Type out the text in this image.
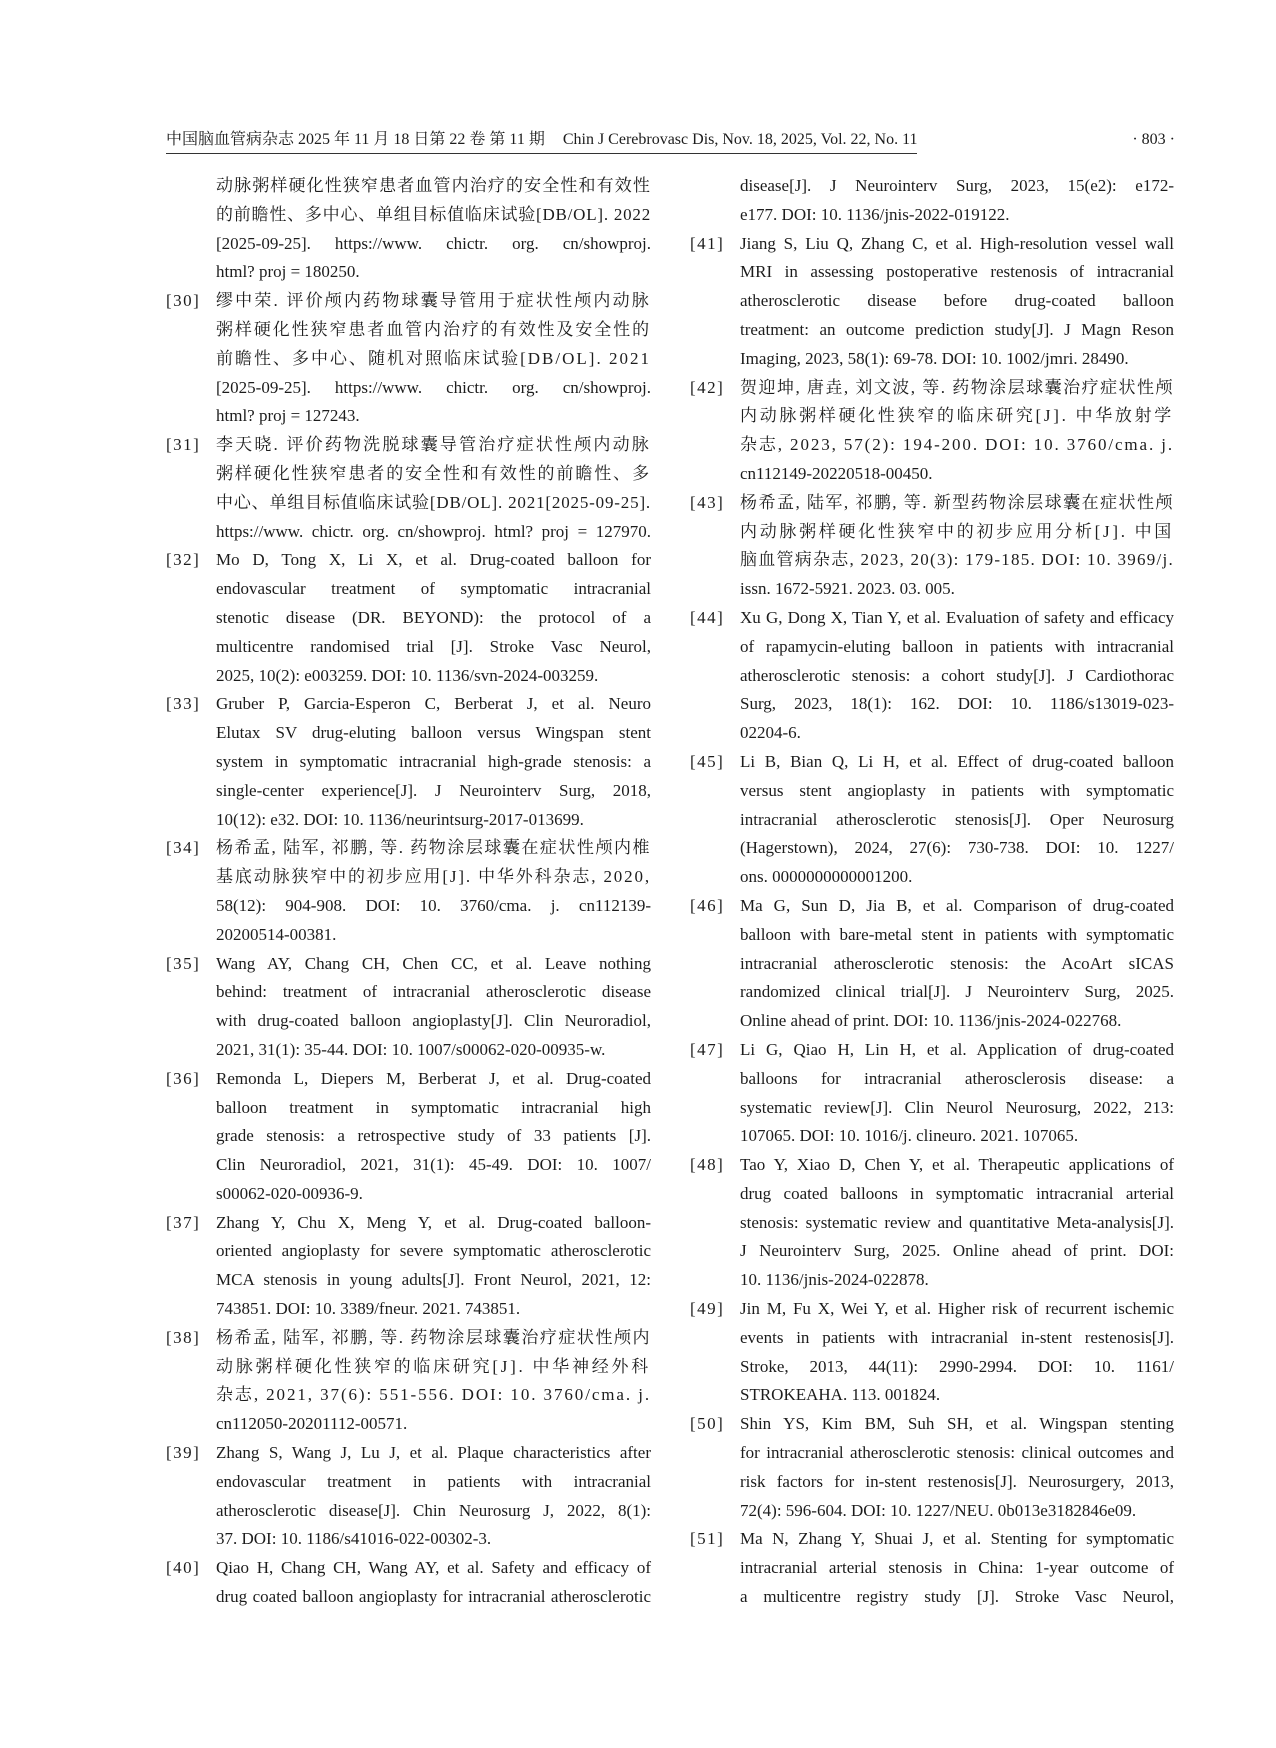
中国脑血管病杂志 2025 年 11 月 18 日第 22 卷 第 11 期 Chin J Cerebrovasc Dis, Nov. 18, 2025, Vol. 22, No. 11	· 803 ·
动脉粥样硬化性狭窄患者血管内治疗的安全性和有效性
的前瞻性、多中心、单组目标值临床试验[DB/OL]. 2022
[2025-09-25]. https://www. chictr. org. cn/showproj.
html? proj = 180250.
[30] 缪中荣. 评价颅内药物球囊导管用于症状性颅内动脉
粥样硬化性狭窄患者血管内治疗的有效性及安全性的
前瞻性、多中心、随机对照临床试验[DB/OL]. 2021
[2025-09-25]. https://www. chictr. org. cn/showproj.
html? proj = 127243.
[31] 李天晓. 评价药物洗脱球囊导管治疗症状性颅内动脉
粥样硬化性狭窄患者的安全性和有效性的前瞻性、多
中心、单组目标值临床试验[DB/OL]. 2021[2025-09-25].
https://www. chictr. org. cn/showproj. html? proj = 127970.
[32] Mo D, Tong X, Li X, et al. Drug-coated balloon for
endovascular treatment of symptomatic intracranial
stenotic disease (DR. BEYOND): the protocol of a
multicentre randomised trial [J]. Stroke Vasc Neurol,
2025, 10(2): e003259. DOI: 10. 1136/svn-2024-003259.
[33] Gruber P, Garcia-Esperon C, Berberat J, et al. Neuro
Elutax SV drug-eluting balloon versus Wingspan stent
system in symptomatic intracranial high-grade stenosis: a
single-center experience[J]. J Neurointerv Surg, 2018,
10(12): e32. DOI: 10. 1136/neurintsurg-2017-013699.
[34] 杨希孟, 陆军, 祁鹏, 等. 药物涂层球囊在症状性颅内椎
基底动脉狭窄中的初步应用[J]. 中华外科杂志, 2020,
58(12): 904-908. DOI: 10. 3760/cma. j. cn112139-
20200514-00381.
[35] Wang AY, Chang CH, Chen CC, et al. Leave nothing
behind: treatment of intracranial atherosclerotic disease
with drug-coated balloon angioplasty[J]. Clin Neuroradiol,
2021, 31(1): 35-44. DOI: 10. 1007/s00062-020-00935-w.
[36] Remonda L, Diepers M, Berberat J, et al. Drug-coated
balloon treatment in symptomatic intracranial high
grade stenosis: a retrospective study of 33 patients [J].
Clin Neuroradiol, 2021, 31(1): 45-49. DOI: 10. 1007/
s00062-020-00936-9.
[37] Zhang Y, Chu X, Meng Y, et al. Drug-coated balloon-
oriented angioplasty for severe symptomatic atherosclerotic
MCA stenosis in young adults[J]. Front Neurol, 2021, 12:
743851. DOI: 10. 3389/fneur. 2021. 743851.
[38] 杨希孟, 陆军, 祁鹏, 等. 药物涂层球囊治疗症状性颅内
动脉粥样硬化性狭窄的临床研究[J]. 中华神经外科
杂志, 2021, 37(6): 551-556. DOI: 10. 3760/cma. j.
cn112050-20201112-00571.
[39] Zhang S, Wang J, Lu J, et al. Plaque characteristics after
endovascular treatment in patients with intracranial
atherosclerotic disease[J]. Chin Neurosurg J, 2022, 8(1):
37. DOI: 10. 1186/s41016-022-00302-3.
[40] Qiao H, Chang CH, Wang AY, et al. Safety and efficacy of
drug coated balloon angioplasty for intracranial atherosclerotic
disease[J]. J Neurointerv Surg, 2023, 15(e2): e172-
e177. DOI: 10. 1136/jnis-2022-019122.
[41] Jiang S, Liu Q, Zhang C, et al. High-resolution vessel wall
MRI in assessing postoperative restenosis of intracranial
atherosclerotic disease before drug-coated balloon
treatment: an outcome prediction study[J]. J Magn Reson
Imaging, 2023, 58(1): 69-78. DOI: 10. 1002/jmri. 28490.
[42] 贺迎坤, 唐垚, 刘文波, 等. 药物涂层球囊治疗症状性颅
内动脉粥样硬化性狭窄的临床研究[J]. 中华放射学
杂志, 2023, 57(2): 194-200. DOI: 10. 3760/cma. j.
cn112149-20220518-00450.
[43] 杨希孟, 陆军, 祁鹏, 等. 新型药物涂层球囊在症状性颅
内动脉粥样硬化性狭窄中的初步应用分析[J]. 中国
脑血管病杂志, 2023, 20(3): 179-185. DOI: 10. 3969/j.
issn. 1672-5921. 2023. 03. 005.
[44] Xu G, Dong X, Tian Y, et al. Evaluation of safety and efficacy
of rapamycin-eluting balloon in patients with intracranial
atherosclerotic stenosis: a cohort study[J]. J Cardiothorac
Surg, 2023, 18(1): 162. DOI: 10. 1186/s13019-023-
02204-6.
[45] Li B, Bian Q, Li H, et al. Effect of drug-coated balloon
versus stent angioplasty in patients with symptomatic
intracranial atherosclerotic stenosis[J]. Oper Neurosurg
(Hagerstown), 2024, 27(6): 730-738. DOI: 10. 1227/
ons. 0000000000001200.
[46] Ma G, Sun D, Jia B, et al. Comparison of drug-coated
balloon with bare-metal stent in patients with symptomatic
intracranial atherosclerotic stenosis: the AcoArt sICAS
randomized clinical trial[J]. J Neurointerv Surg, 2025.
Online ahead of print. DOI: 10. 1136/jnis-2024-022768.
[47] Li G, Qiao H, Lin H, et al. Application of drug-coated
balloons for intracranial atherosclerosis disease: a
systematic review[J]. Clin Neurol Neurosurg, 2022, 213:
107065. DOI: 10. 1016/j. clineuro. 2021. 107065.
[48] Tao Y, Xiao D, Chen Y, et al. Therapeutic applications of
drug coated balloons in symptomatic intracranial arterial
stenosis: systematic review and quantitative Meta-analysis[J].
J Neurointerv Surg, 2025. Online ahead of print. DOI:
10. 1136/jnis-2024-022878.
[49] Jin M, Fu X, Wei Y, et al. Higher risk of recurrent ischemic
events in patients with intracranial in-stent restenosis[J].
Stroke, 2013, 44(11): 2990-2994. DOI: 10. 1161/
STROKEAHA. 113. 001824.
[50] Shin YS, Kim BM, Suh SH, et al. Wingspan stenting
for intracranial atherosclerotic stenosis: clinical outcomes and
risk factors for in-stent restenosis[J]. Neurosurgery, 2013,
72(4): 596-604. DOI: 10. 1227/NEU. 0b013e3182846e09.
[51] Ma N, Zhang Y, Shuai J, et al. Stenting for symptomatic
intracranial arterial stenosis in China: 1-year outcome of
a multicentre registry study [J]. Stroke Vasc Neurol,
